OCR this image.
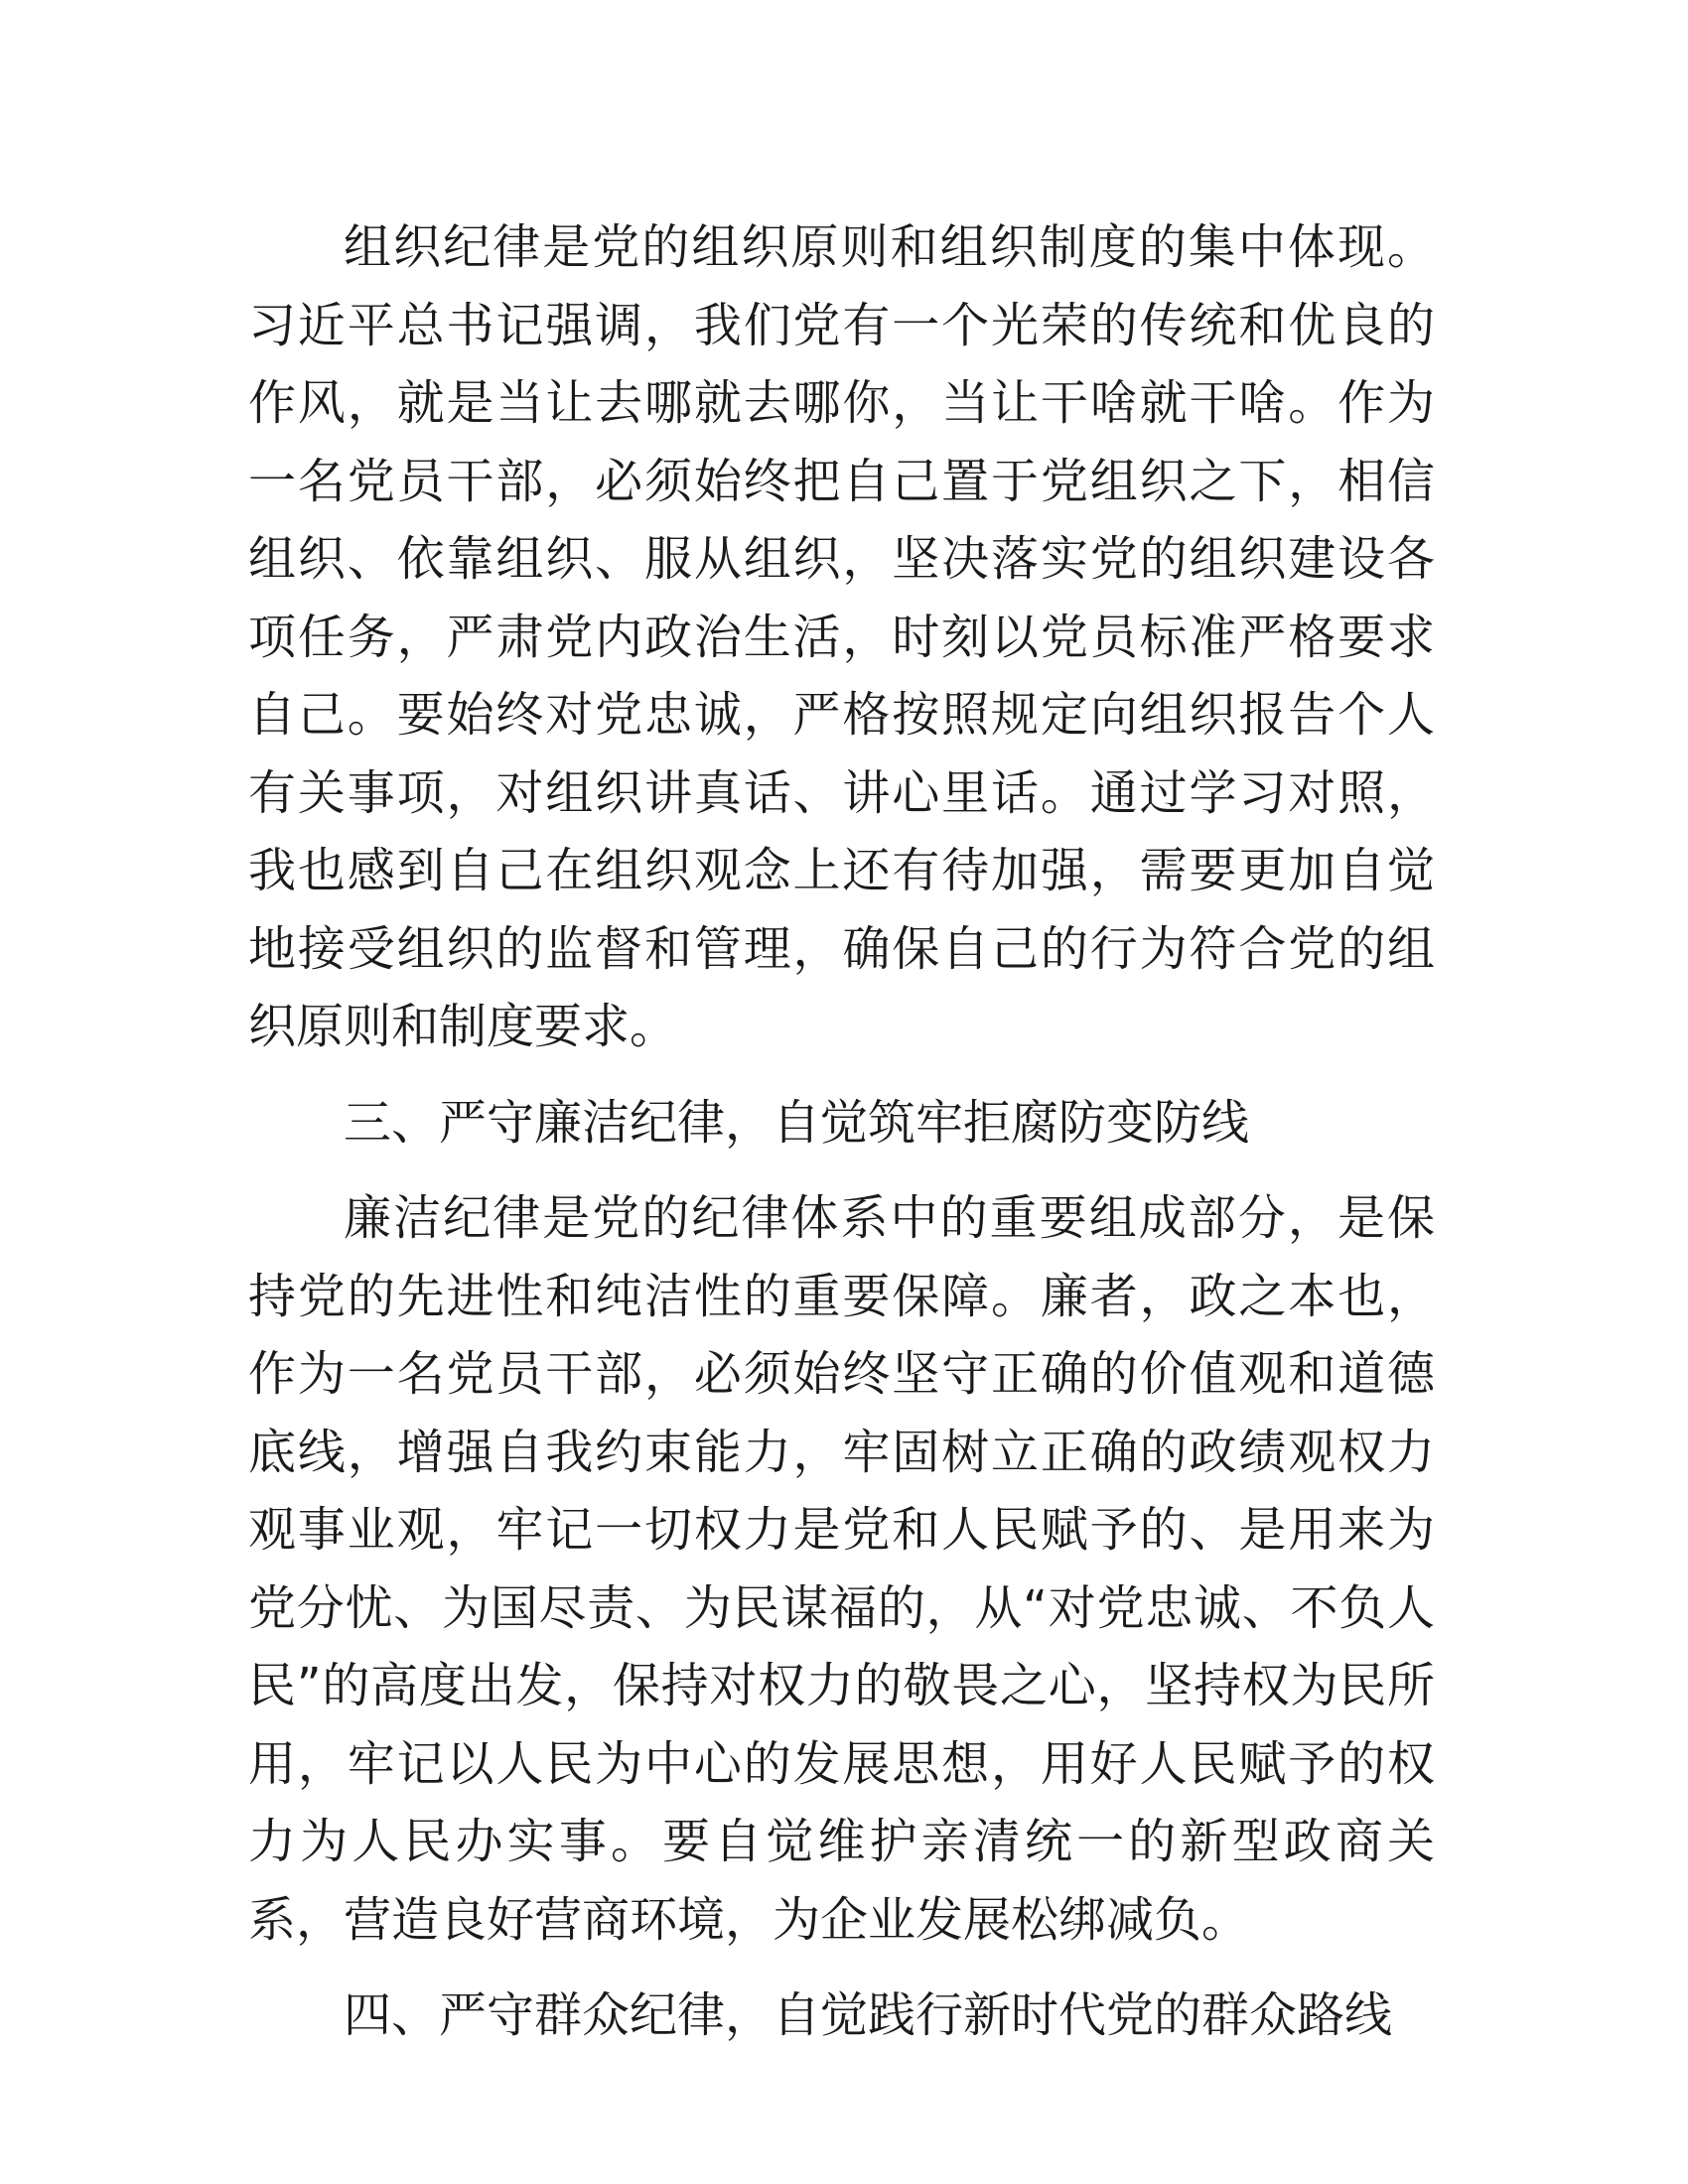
组织纪律是党的组织原则和组织制度的集中体现。习近平总书记强调，我们党有一个光荣的传统和优良的作风，就是当让去哪就去哪你，当让干啥就干啥。作为一名党员干部，必须始终把自己置于党组织之下，相信组织、依靠组织、服从组织，坚决落实党的组织建设各项任务，严肃党内政治生活，时刻以党员标准严格要求自己。要始终对党忠诚，严格按照规定向组织报告个人有关事项，对组织讲真话、讲心里话。通过学习对照，我也感到自己在组织观念上还有待加强，需要更加自觉地接受组织的监督和管理，确保自己的行为符合党的组织原则和制度要求。

三、严守廉洁纪律，自觉筑牢拒腐防变防线

廉洁纪律是党的纪律体系中的重要组成部分，是保持党的先进性和纯洁性的重要保障。廉者，政之本也，作为一名党员干部，必须始终坚守正确的价值观和道德底线，增强自我约束能力，牢固树立正确的政绩观权力观事业观，牢记一切权力是党和人民赋予的、是用来为党分忧、为国尽责、为民谋福的，从“对党忠诚、不负人民”的高度出发，保持对权力的敬畏之心，坚持权为民所用，牢记以人民为中心的发展思想，用好人民赋予的权力为人民办实事。要自觉维护亲清统一的新型政商关系，营造良好营商环境，为企业发展松绑减负。

四、严守群众纪律，自觉践行新时代党的群众路线
